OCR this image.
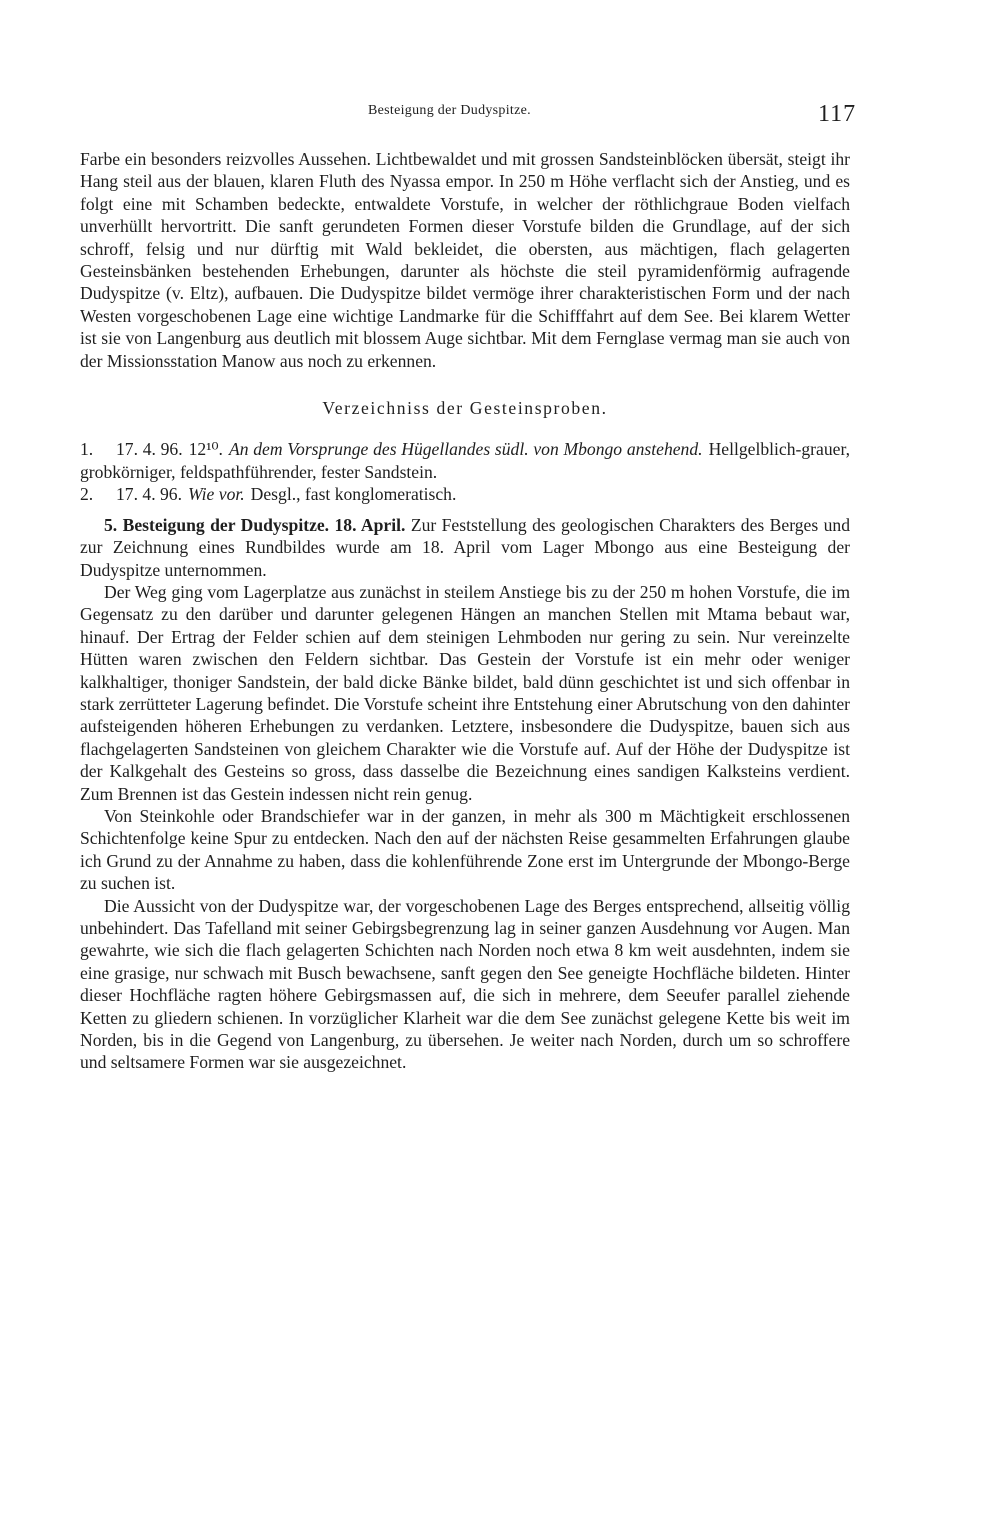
Besteigung der Dudyspitze.	117

Farbe ein besonders reizvolles Aussehen. Lichtbewaldet und mit grossen Sandsteinblöcken übersät, steigt ihr Hang steil aus der blauen, klaren Fluth des Nyassa empor. In 250 m Höhe verflacht sich der Anstieg, und es folgt eine mit Schamben bedeckte, entwaldete Vorstufe, in welcher der röthlichgraue Boden vielfach unverhüllt hervortritt. Die sanft gerundeten Formen dieser Vorstufe bilden die Grundlage, auf der sich schroff, felsig und nur dürftig mit Wald bekleidet, die obersten, aus mächtigen, flach gelagerten Gesteinsbänken bestehenden Erhebungen, darunter als höchste die steil pyramidenförmig aufragende Dudyspitze (v. Eltz), aufbauen. Die Dudyspitze bildet vermöge ihrer charakteristischen Form und der nach Westen vorgeschobenen Lage eine wichtige Landmarke für die Schifffahrt auf dem See. Bei klarem Wetter ist sie von Langenburg aus deutlich mit blossem Auge sichtbar. Mit dem Fernglase vermag man sie auch von der Missionsstation Manow aus noch zu erkennen.

Verzeichniss der Gesteinsproben.
1. 17. 4. 96. 12¹⁰. An dem Vorsprunge des Hügellandes südl. von Mbongo anstehend. Hellgelblich-grauer, grobkörniger, feldspathführender, fester Sandstein.
2. 17. 4. 96. Wie vor. Desgl., fast konglomeratisch.

5. Besteigung der Dudyspitze. 18. April. Zur Feststellung des geologischen Charakters des Berges und zur Zeichnung eines Rundbildes wurde am 18. April vom Lager Mbongo aus eine Besteigung der Dudyspitze unternommen.

Der Weg ging vom Lagerplatze aus zunächst in steilem Anstiege bis zu der 250 m hohen Vorstufe, die im Gegensatz zu den darüber und darunter gelegenen Hängen an manchen Stellen mit Mtama bebaut war, hinauf. Der Ertrag der Felder schien auf dem steinigen Lehmboden nur gering zu sein. Nur vereinzelte Hütten waren zwischen den Feldern sichtbar. Das Gestein der Vorstufe ist ein mehr oder weniger kalkhaltiger, thoniger Sandstein, der bald dicke Bänke bildet, bald dünn geschichtet ist und sich offenbar in stark zerrütteter Lagerung befindet. Die Vorstufe scheint ihre Entstehung einer Abrutschung von den dahinter aufsteigenden höheren Erhebungen zu verdanken. Letztere, insbesondere die Dudyspitze, bauen sich aus flachgelagerten Sandsteinen von gleichem Charakter wie die Vorstufe auf. Auf der Höhe der Dudyspitze ist der Kalkgehalt des Gesteins so gross, dass dasselbe die Bezeichnung eines sandigen Kalksteins verdient. Zum Brennen ist das Gestein indessen nicht rein genug.

Von Steinkohle oder Brandschiefer war in der ganzen, in mehr als 300 m Mächtigkeit erschlossenen Schichtenfolge keine Spur zu entdecken. Nach den auf der nächsten Reise gesammelten Erfahrungen glaube ich Grund zu der Annahme zu haben, dass die kohlenführende Zone erst im Untergrunde der Mbongo-Berge zu suchen ist.

Die Aussicht von der Dudyspitze war, der vorgeschobenen Lage des Berges entsprechend, allseitig völlig unbehindert. Das Tafelland mit seiner Gebirgsbegrenzung lag in seiner ganzen Ausdehnung vor Augen. Man gewahrte, wie sich die flach gelagerten Schichten nach Norden noch etwa 8 km weit ausdehnten, indem sie eine grasige, nur schwach mit Busch bewachsene, sanft gegen den See geneigte Hochfläche bildeten. Hinter dieser Hochfläche ragten höhere Gebirgsmassen auf, die sich in mehrere, dem Seeufer parallel ziehende Ketten zu gliedern schienen. In vorzüglicher Klarheit war die dem See zunächst gelegene Kette bis weit im Norden, bis in die Gegend von Langenburg, zu übersehen. Je weiter nach Norden, durch um so schroffere und seltsamere Formen war sie ausgezeichnet.
